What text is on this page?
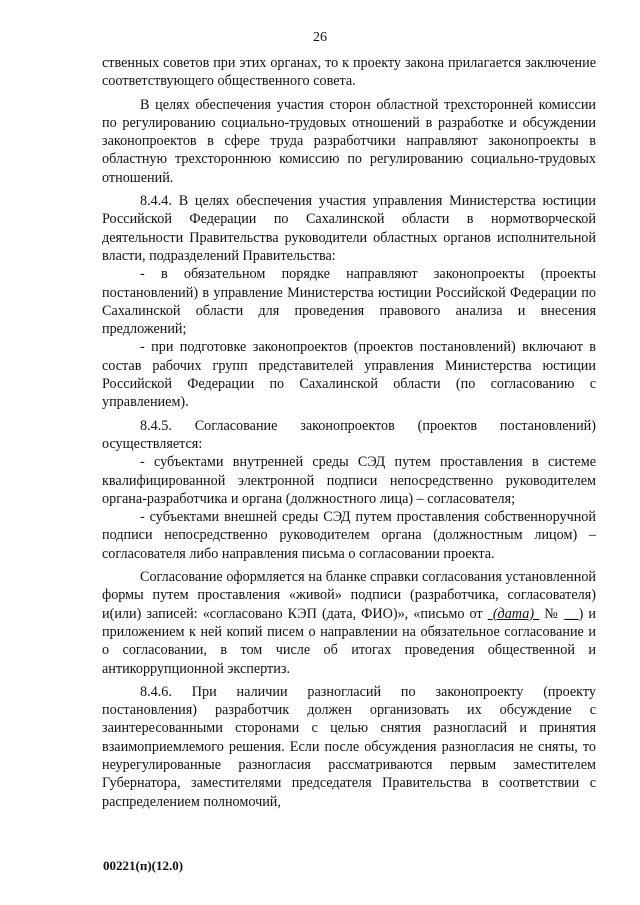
26

ственных советов при этих органах, то к проекту закона прилагается заключение соответствующего общественного совета.

В целях обеспечения участия сторон областной трехсторонней комиссии по регулированию социально-трудовых отношений в разработке и обсуждении законопроектов в сфере труда разработчики направляют законопроекты в областную трехстороннюю комиссию по регулированию социально-трудовых отношений.

8.4.4. В целях обеспечения участия управления Министерства юстиции Российской Федерации по Сахалинской области в нормотворческой деятельности Правительства руководители областных органов исполнительной власти, подразделений Правительства:

- в обязательном порядке направляют законопроекты (проекты постановлений) в управление Министерства юстиции Российской Федерации по Сахалинской области для проведения правового анализа и внесения предложений;

- при подготовке законопроектов (проектов постановлений) включают в состав рабочих групп представителей управления Министерства юстиции Российской Федерации по Сахалинской области (по согласованию с управлением).

8.4.5. Согласование законопроектов (проектов постановлений) осуществляется:

- субъектами внутренней среды СЭД путем проставления в системе квалифицированной электронной подписи непосредственно руководителем органа-разработчика и органа (должностного лица) – согласователя;

- субъектами внешней среды СЭД путем проставления собственноручной подписи непосредственно руководителем органа (должностным лицом) – согласователя либо направления письма о согласовании проекта.

Согласование оформляется на бланке справки согласования установленной формы путем проставления «живой» подписи (разработчика, согласователя) и(или) записей: «согласовано КЭП (дата, ФИО)», «письмо от  (дата)  № __) и приложением к ней копий писем о направлении на обязательное согласование и о согласовании, в том числе об итогах проведения общественной и антикоррупционной экспертиз.

8.4.6. При наличии разногласий по законопроекту (проекту постановления) разработчик должен организовать их обсуждение с заинтересованными сторонами с целью снятия разногласий и принятия взаимоприемлемого решения. Если после обсуждения разногласия не сняты, то неурегулированные разногласия рассматриваются первым заместителем Губернатора, заместителями председателя Правительства в соответствии с распределением полномочий,

00221(п)(12.0)
